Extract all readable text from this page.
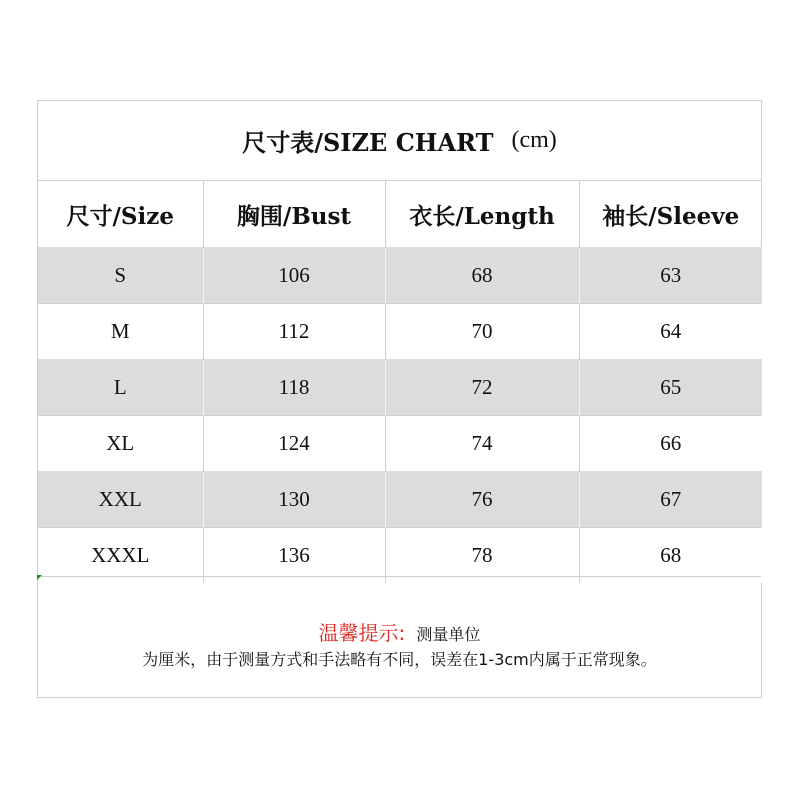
尺寸表/SIZE CHART (cm)
尺寸/Size	胸围/Bust	衣长/Length	袖长/Sleeve
S	106	68	63
M	112	70	64
L	118	72	65
XL	124	74	66
XXL	130	76	67
XXXL	136	78	68
温馨提示: 测量单位
为厘米，由于测量方式和手法略有不同，误差在1-3cm内属于正常现象。
